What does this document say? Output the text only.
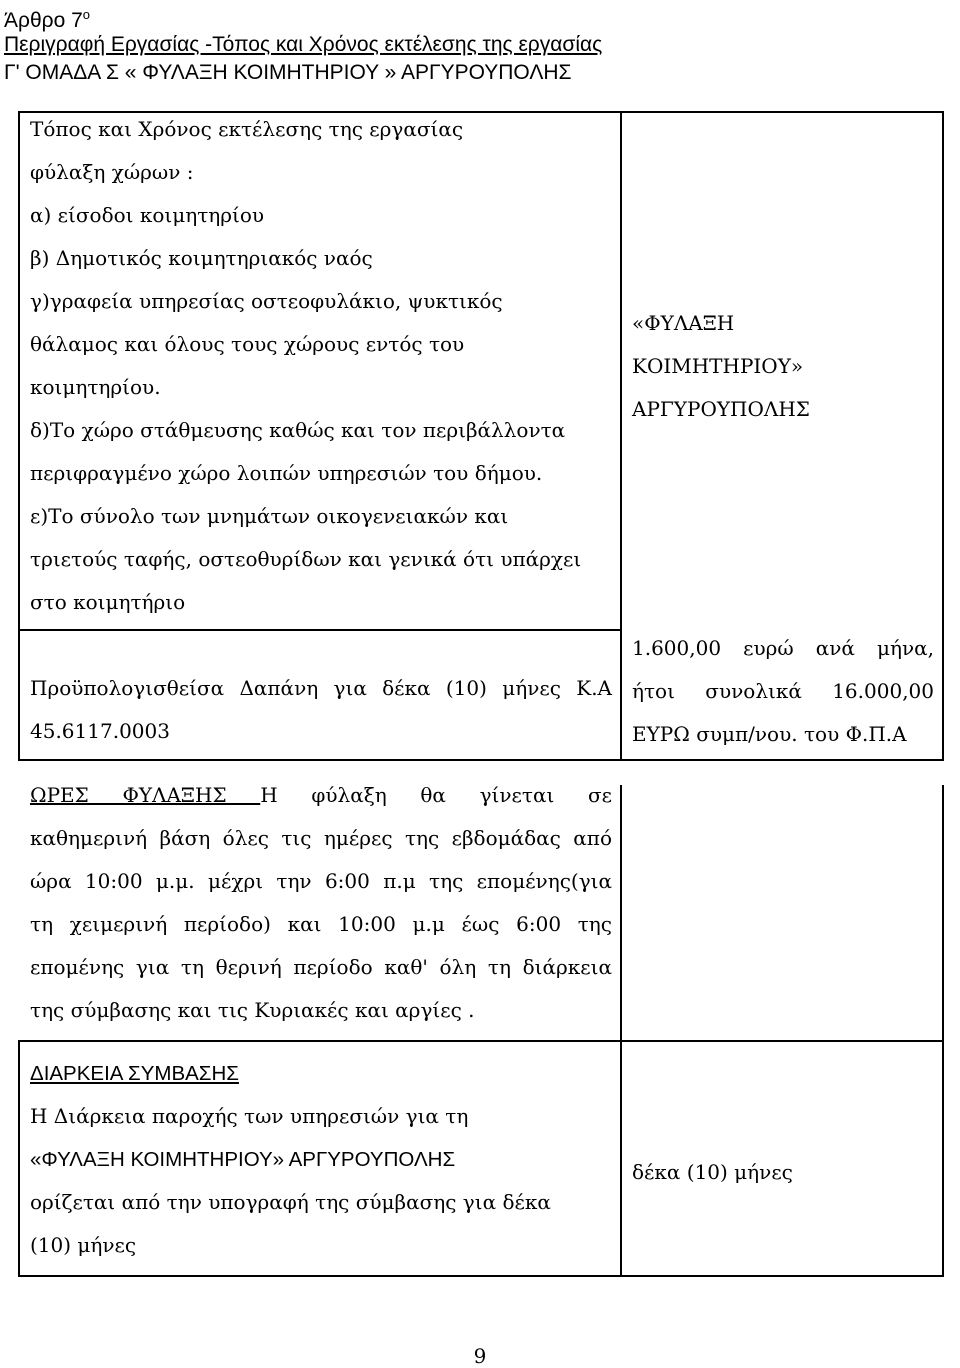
Άρθρο $7^o$
Περιγραφή Εργασίας -Τόπος και Χρόνος εκτέλεσης της εργασίας
Γ' ΟΜΑΔΑ Σ « ΦΥΛΑΞΗ ΚΟΙΜΗΤΗΡΙΟΥ » ΑΡΓΥΡΟΥΠΟΛΗΣ
Τόπος και Χρόνος εκτέλεσης της εργασίας
φύλαξη χώρων :
α) είσοδοι κοιμητηρίου
β) Δημοτικός κοιμητηριακός ναός
γ)γραφεία υπηρεσίας οστεοφυλάκιο, ψυκτικός
θάλαμος και όλους τους χώρους εντός του
κοιμητηρίου.
δ)Το χώρο στάθμευσης καθώς και τον περιβάλλοντα
περιφραγμένο χώρο λοιπών υπηρεσιών του δήμου.
ε)Το σύνολο των μνημάτων οικογενειακών και
τριετούς ταφής, οστεοθυρίδων και γενικά ότι υπάρχει
στο κοιμητήριο
«ΦΥΛΑΞΗ
ΚΟΙΜΗΤΗΡΙΟΥ»
ΑΡΓΥΡΟΥΠΟΛΗΣ
Προϋπολογισθείσα Δαπάνη για δέκα (10) μήνες Κ.Α
45.6117.0003
1.600,00 ευρώ ανά μήνα,
ήτοι συνολικά 16.000,00
ΕΥΡΩ συμπ/νου. του Φ.Π.Α
ΩΡΕΣ ΦΥΛΑΞΗΣ Η φύλαξη θα γίνεται σε
καθημερινή βάση όλες τις ημέρες της εβδομάδας από
ώρα 10:00 μ.μ. μέχρι την 6:00 π.μ της επομένης(για
τη χειμερινή περίοδο) και 10:00 μ.μ έως 6:00 της
επομένης για τη θερινή περίοδο καθ' όλη τη διάρκεια
της σύμβασης και τις Κυριακές και αργίες .
ΔΙΑΡΚΕΙΑ ΣΥΜΒΑΣΗΣ
Η Διάρκεια παροχής των υπηρεσιών για τη
«ΦΥΛΑΞΗ ΚΟΙΜΗΤΗΡΙΟΥ» ΑΡΓΥΡΟΥΠΟΛΗΣ
ορίζεται από την υπογραφή της σύμβασης για δέκα
(10) μήνες
δέκα (10) μήνες
9
